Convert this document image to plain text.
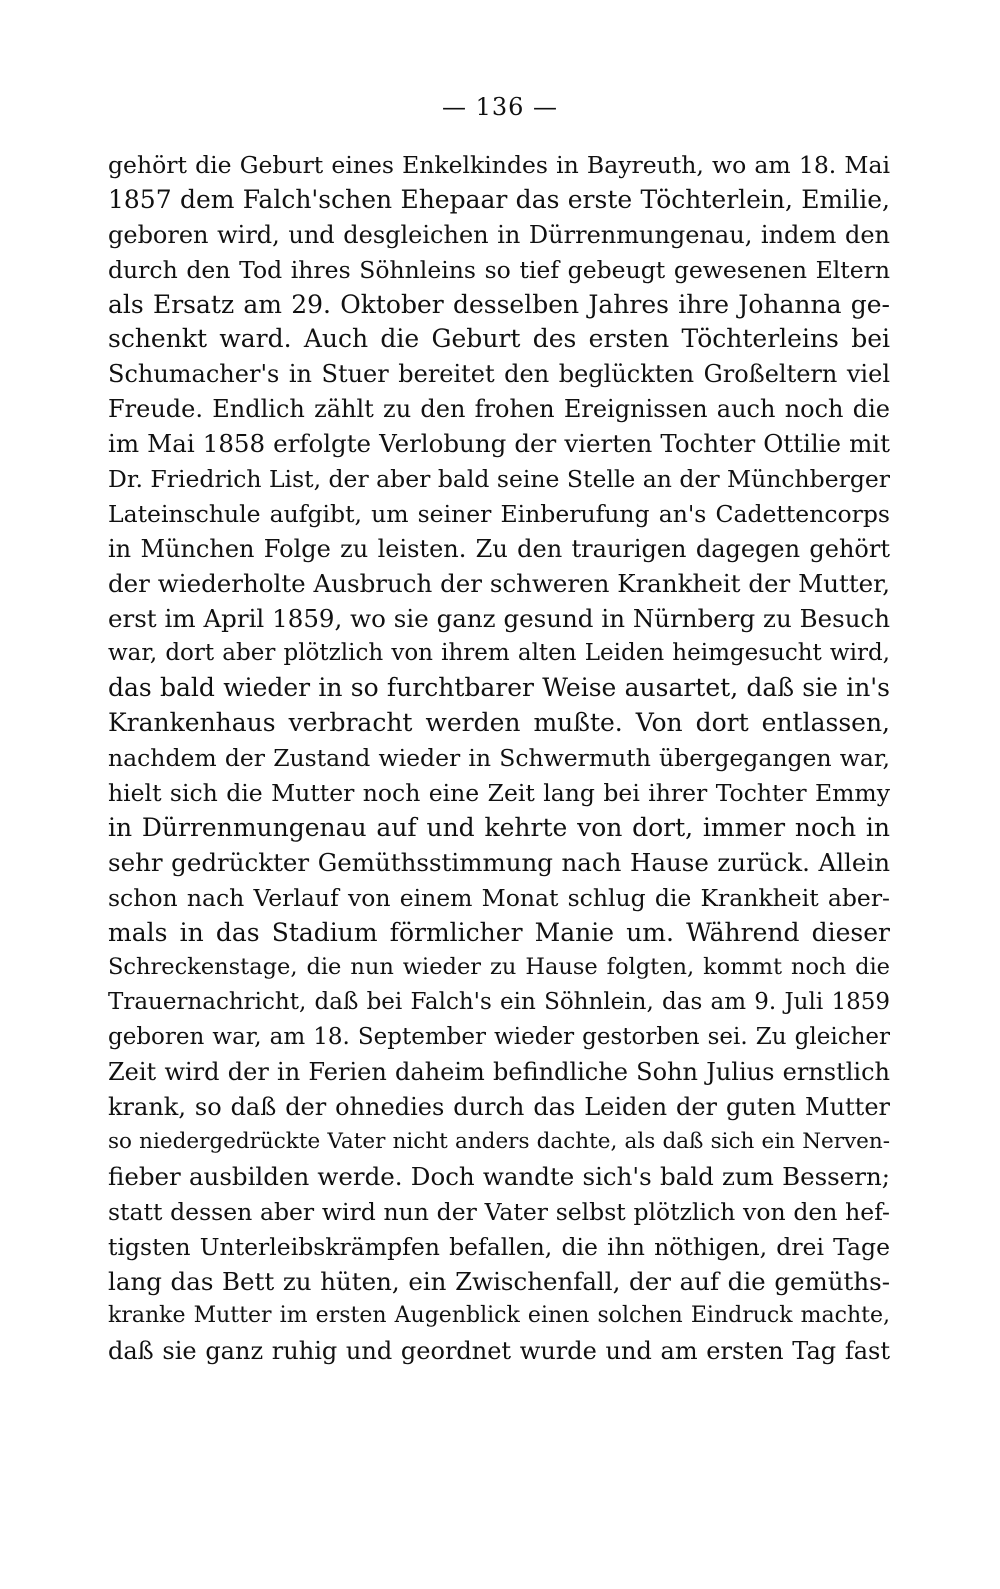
— 136 —
gehört die Geburt eines Enkelkindes in Bayreuth, wo am 18. Mai
1857 dem Falch'schen Ehepaar das erste Töchterlein, Emilie,
geboren wird, und desgleichen in Dürrenmungenau, indem den
durch den Tod ihres Söhnleins so tief gebeugt gewesenen Eltern
als Ersatz am 29. Oktober desselben Jahres ihre Johanna ge-
schenkt ward. Auch die Geburt des ersten Töchterleins bei
Schumacher's in Stuer bereitet den beglückten Großeltern viel
Freude. Endlich zählt zu den frohen Ereignissen auch noch die
im Mai 1858 erfolgte Verlobung der vierten Tochter Ottilie mit
Dr. Friedrich List, der aber bald seine Stelle an der Münchberger
Lateinschule aufgibt, um seiner Einberufung an's Cadettencorps
in München Folge zu leisten. Zu den traurigen dagegen gehört
der wiederholte Ausbruch der schweren Krankheit der Mutter,
erst im April 1859, wo sie ganz gesund in Nürnberg zu Besuch
war, dort aber plötzlich von ihrem alten Leiden heimgesucht wird,
das bald wieder in so furchtbarer Weise ausartet, daß sie in's
Krankenhaus verbracht werden mußte. Von dort entlassen,
nachdem der Zustand wieder in Schwermuth übergegangen war,
hielt sich die Mutter noch eine Zeit lang bei ihrer Tochter Emmy
in Dürrenmungenau auf und kehrte von dort, immer noch in
sehr gedrückter Gemüthsstimmung nach Hause zurück. Allein
schon nach Verlauf von einem Monat schlug die Krankheit aber-
mals in das Stadium förmlicher Manie um. Während dieser
Schreckenstage, die nun wieder zu Hause folgten, kommt noch die
Trauernachricht, daß bei Falch's ein Söhnlein, das am 9. Juli 1859
geboren war, am 18. September wieder gestorben sei. Zu gleicher
Zeit wird der in Ferien daheim befindliche Sohn Julius ernstlich
krank, so daß der ohnedies durch das Leiden der guten Mutter
so niedergedrückte Vater nicht anders dachte, als daß sich ein Nerven-
fieber ausbilden werde. Doch wandte sich's bald zum Bessern;
statt dessen aber wird nun der Vater selbst plötzlich von den hef-
tigsten Unterleibskrämpfen befallen, die ihn nöthigen, drei Tage
lang das Bett zu hüten, ein Zwischenfall, der auf die gemüths-
kranke Mutter im ersten Augenblick einen solchen Eindruck machte,
daß sie ganz ruhig und geordnet wurde und am ersten Tag fast
